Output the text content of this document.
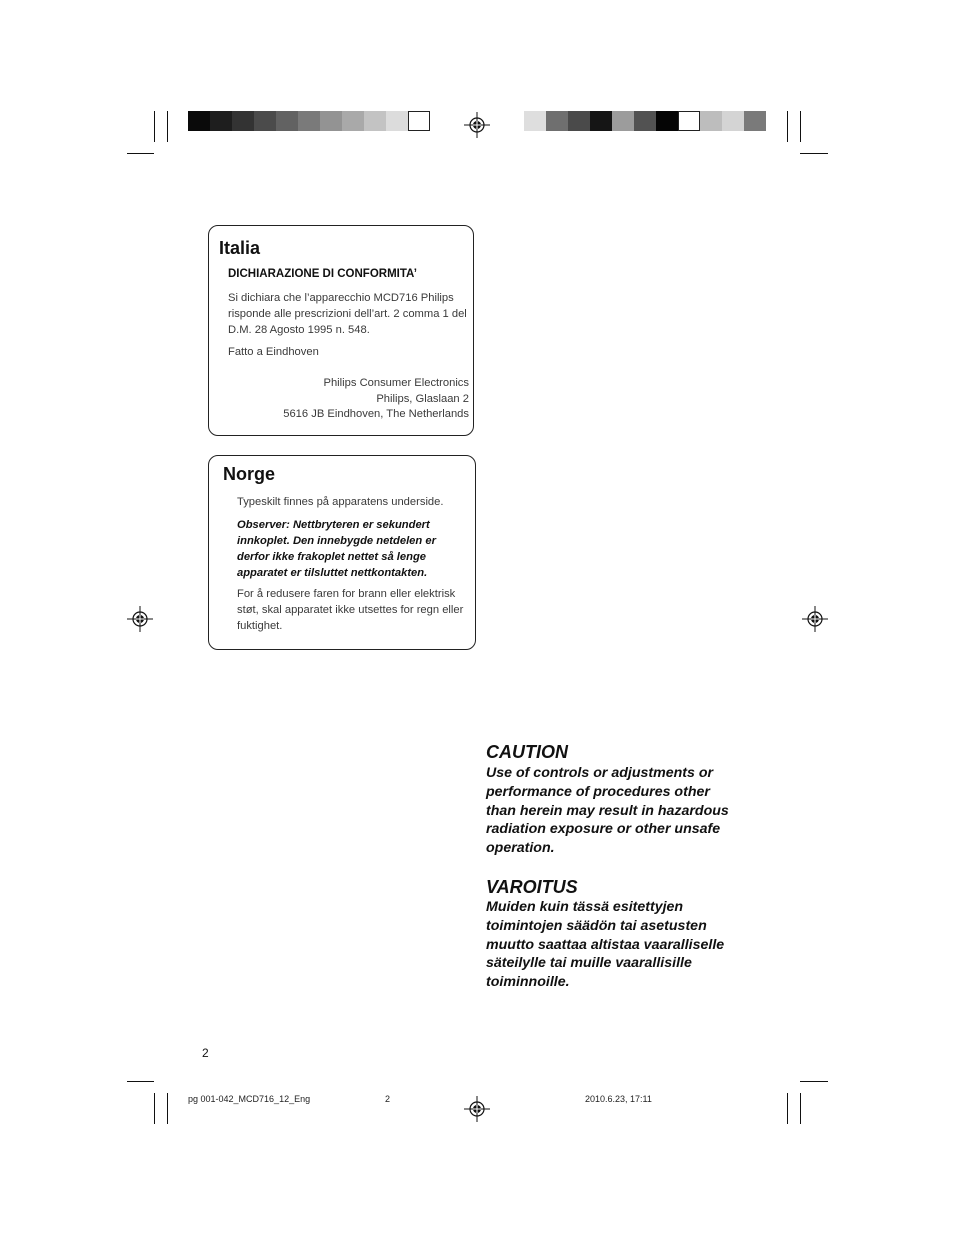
Italia
DICHIARAZIONE DI CONFORMITA’
Si dichiara che l’apparecchio MCD716 Philips
risponde alle prescrizioni dell’art. 2 comma 1 del
D.M. 28 Agosto 1995 n. 548.
Fatto a Eindhoven
Philips Consumer Electronics
Philips, Glaslaan 2
5616 JB Eindhoven, The Netherlands
Norge
Typeskilt finnes på apparatens underside.
Observer: Nettbryteren er sekundert
innkoplet. Den innebygde netdelen er
derfor ikke frakoplet nettet så lenge
apparatet er tilsluttet nettkontakten.
For å redusere faren for brann eller elektrisk
støt, skal apparatet ikke utsettes for regn eller
fuktighet.
CAUTION
Use of controls or adjustments or
performance of procedures other
than herein may result in hazardous
radiation exposure or other unsafe
operation.
VAROITUS
Muiden kuin tässä esitettyjen
toimintojen säädön tai asetusten
muutto saattaa altistaa vaaralliselle
säteilylle tai muille vaarallisille
toiminnoille.
2
pg 001-042_MCD716_12_Eng	2	2010.6.23, 17:11
